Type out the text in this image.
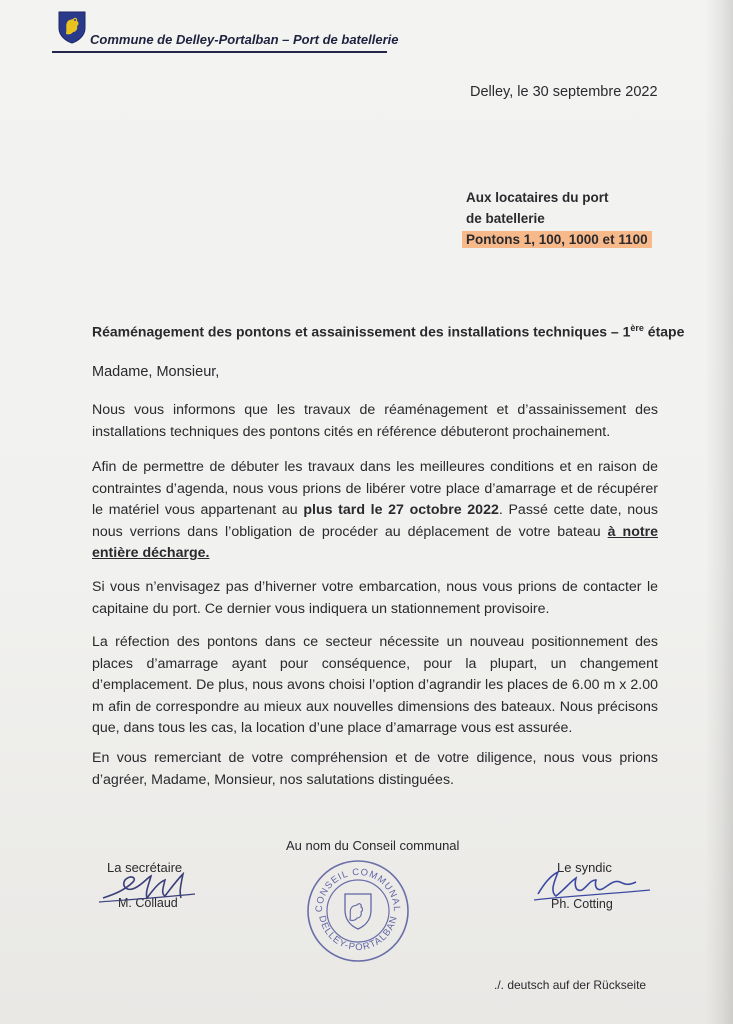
Commune de Delley-Portalban – Port de batellerie

Delley, le 30 septembre 2022

Aux locataires du port
de batellerie
Pontons 1, 100, 1000 et 1100

Réaménagement des pontons et assainissement des installations techniques – 1ère étape

Madame, Monsieur,

Nous vous informons que les travaux de réaménagement et d’assainissement des installations techniques des pontons cités en référence débuteront prochainement.

Afin de permettre de débuter les travaux dans les meilleures conditions et en raison de contraintes d’agenda, nous vous prions de libérer votre place d’amarrage et de récupérer le matériel vous appartenant au plus tard le 27 octobre 2022. Passé cette date, nous nous verrions dans l’obligation de procéder au déplacement de votre bateau à notre entière décharge.

Si vous n’envisagez pas d’hiverner votre embarcation, nous vous prions de contacter le capitaine du port. Ce dernier vous indiquera un stationnement provisoire.

La réfection des pontons dans ce secteur nécessite un nouveau positionnement des places d’amarrage ayant pour conséquence, pour la plupart, un changement d’emplacement. De plus, nous avons choisi l’option d’agrandir les places de 6.00 m x 2.00 m afin de correspondre au mieux aux nouvelles dimensions des bateaux. Nous précisons que, dans tous les cas, la location d’une place d’amarrage vous est assurée.

En vous remerciant de votre compréhension et de votre diligence, nous vous prions d’agréer, Madame, Monsieur, nos salutations distinguées.

Au nom du Conseil communal

La secrétaire

M. Collaud

Le syndic

Ph. Cotting

CONSEIL COMMUNAL
DELLEY-PORTALBAN

./. deutsch auf der Rückseite
